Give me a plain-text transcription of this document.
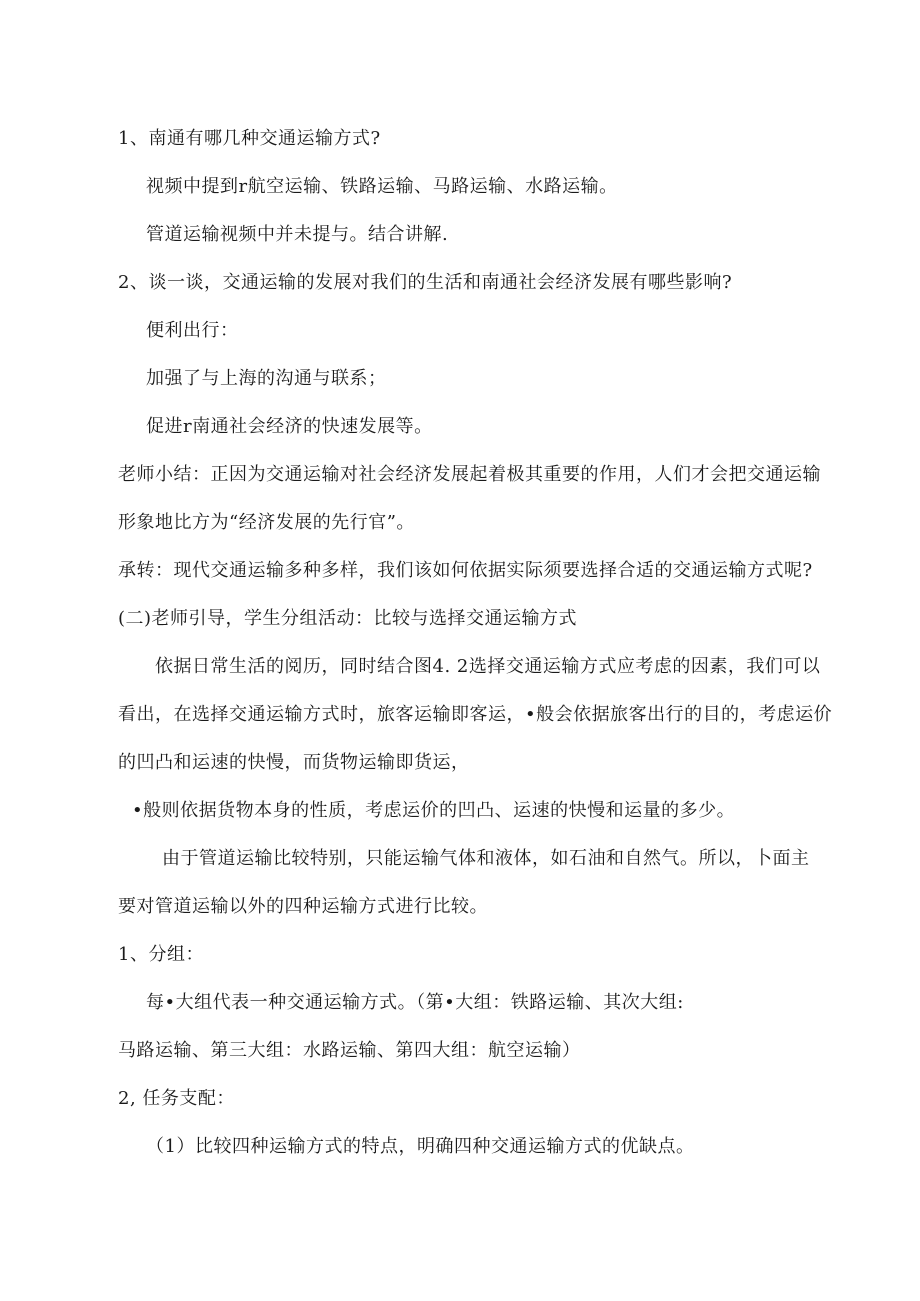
1、南通有哪几种交通运输方式?
视频中提到r航空运输、铁路运输、马路运输、水路运输。
管道运输视频中并未提与。结合讲解.
2、谈一谈，交通运输的发展对我们的生活和南通社会经济发展有哪些影响?
便利出行：
加强了与上海的沟通与联系；
促进r南通社会经济的快速发展等。
老师小结：正因为交通运输对社会经济发展起着极其重要的作用，人们才会把交通运输
形象地比方为“经济发展的先行官”。
承转：现代交通运输多种多样，我们该如何依据实际须要选择合适的交通运输方式呢?
(二)老师引导，学生分组活动：比较与选择交通运输方式
依据日常生活的阅历，同时结合图4. 2选择交通运输方式应考虑的因素，我们可以
看出，在选择交通运输方式时，旅客运输即客运，•般会依据旅客出行的目的，考虑运价
的凹凸和运速的快慢，而货物运输即货运，
•般则依据货物本身的性质，考虑运价的凹凸、运速的快慢和运量的多少。
由于管道运输比较特别，只能运输气体和液体，如石油和自然气。所以，卜面主
要对管道运输以外的四种运输方式进行比较。
1、分组：
每•大组代表一种交通运输方式。（第•大组：铁路运输、其次大组:
马路运输、第三大组：水路运输、第四大组：航空运输）
2, 任务支配：
（1）比较四种运输方式的特点，明确四种交通运输方式的优缺点。
